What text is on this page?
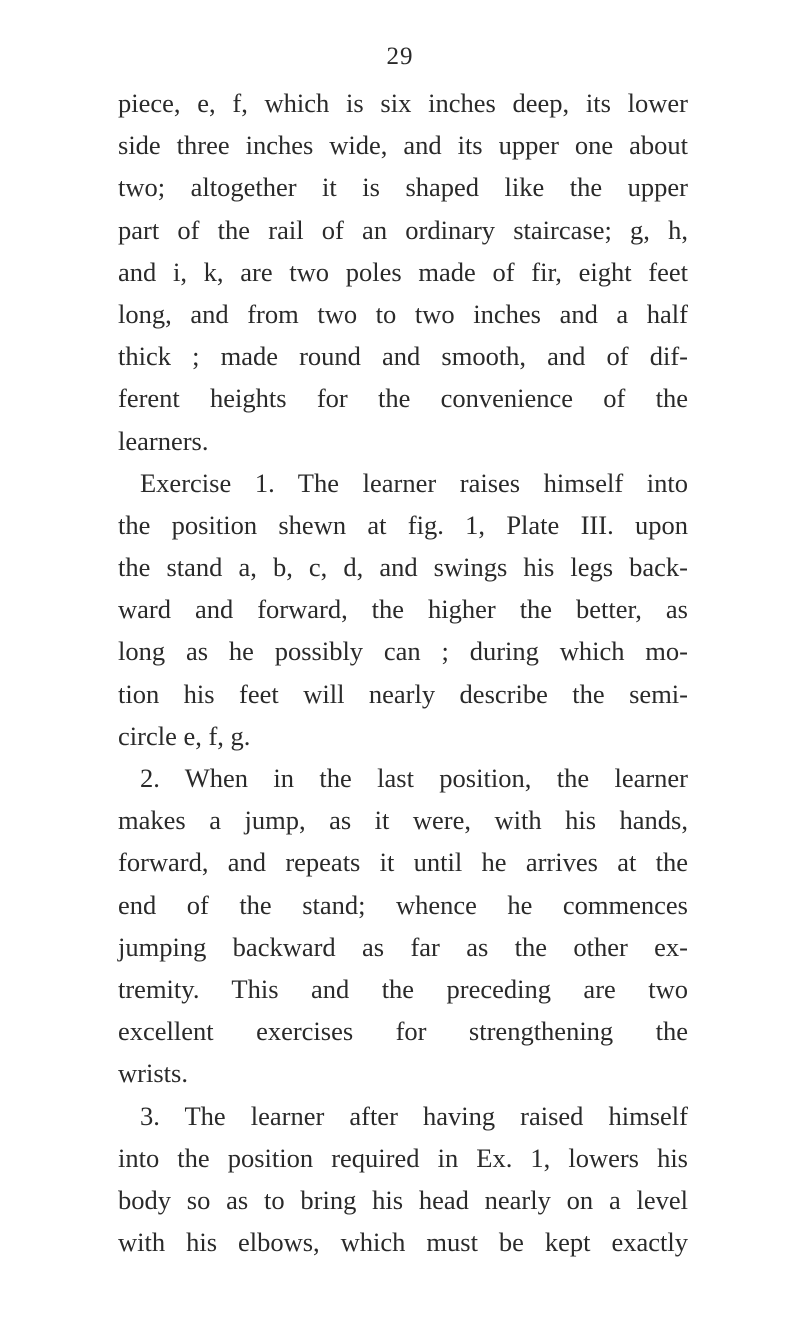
29
piece, e, f, which is six inches deep, its lower
side three inches wide, and its upper one about
two; altogether it is shaped like the upper
part of the rail of an ordinary staircase; g, h,
and i, k, are two poles made of fir, eight feet
long, and from two to two inches and a half
thick ; made round and smooth, and of dif-
ferent heights for the convenience of the
learners.
Exercise 1. The learner raises himself into
the position shewn at fig. 1, Plate III. upon
the stand a, b, c, d, and swings his legs back-
ward and forward, the higher the better, as
long as he possibly can ; during which mo-
tion his feet will nearly describe the semi-
circle e, f, g.
2. When in the last position, the learner
makes a jump, as it were, with his hands,
forward, and repeats it until he arrives at the
end of the stand; whence he commences
jumping backward as far as the other ex-
tremity. This and the preceding are two
excellent exercises for strengthening the
wrists.
3. The learner after having raised himself
into the position required in Ex. 1, lowers his
body so as to bring his head nearly on a level
with his elbows, which must be kept exactly
